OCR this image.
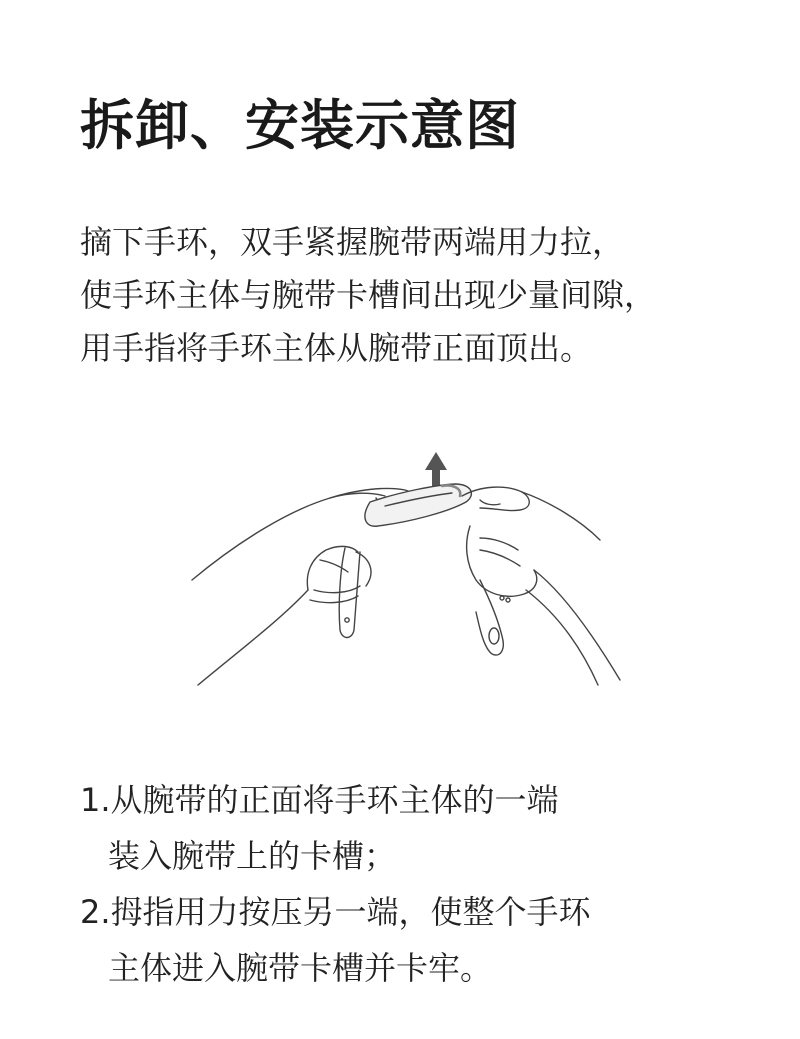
拆卸、安装示意图
摘下手环，双手紧握腕带两端用力拉，
使手环主体与腕带卡槽间出现少量间隙，
用手指将手环主体从腕带正面顶出。
1.从腕带的正面将手环主体的一端
装入腕带上的卡槽；
2.拇指用力按压另一端，使整个手环
主体进入腕带卡槽并卡牢。
